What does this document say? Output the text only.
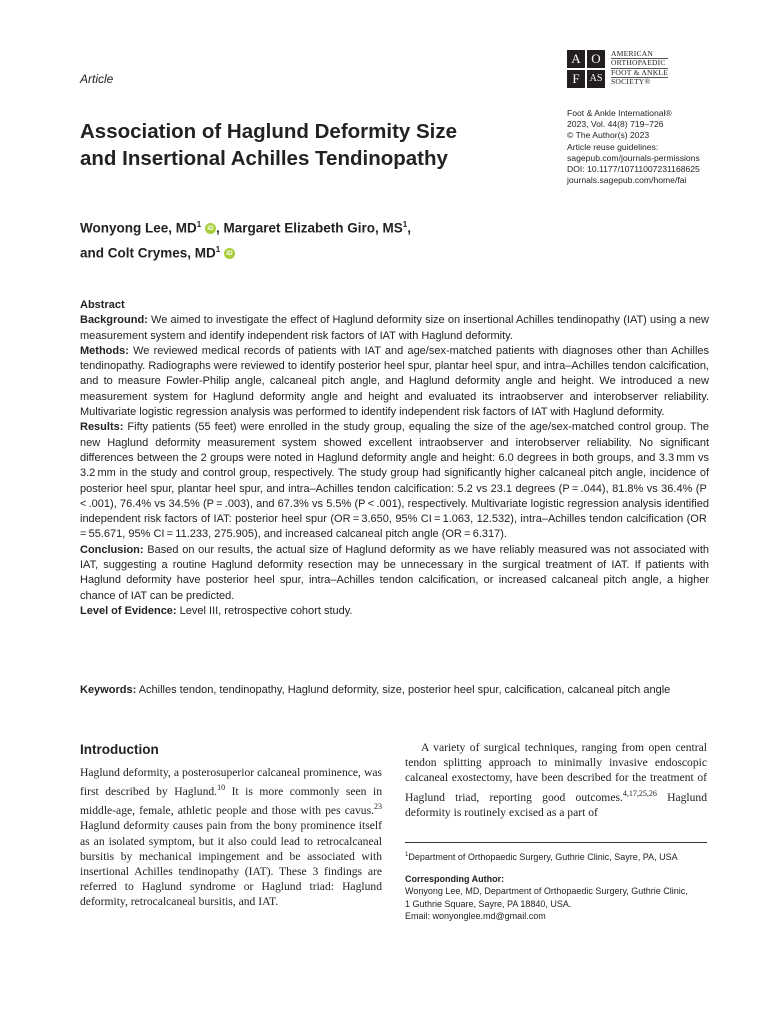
Article
A O
F AS
AMERICAN
ORTHOPAEDIC
FOOT & ANKLE
SOCIETY®
Foot & Ankle International®
2023, Vol. 44(8) 719–726
© The Author(s) 2023
Article reuse guidelines:
sagepub.com/journals-permissions
DOI: 10.1177/10711007231168625
journals.sagepub.com/home/fai
Association of Haglund Deformity Size
and Insertional Achilles Tendinopathy
Wonyong Lee, $MD^1$ iD , Margaret Elizabeth Giro, $MS^1$,
and Colt Crymes, $MD^1$ iD
Abstract
Background: We aimed to investigate the effect of Haglund deformity size on insertional Achilles tendinopathy (IAT) using a new measurement system and identify independent risk factors of IAT with Haglund deformity.
Methods: We reviewed medical records of patients with IAT and age/sex-matched patients with diagnoses other than Achilles tendinopathy. Radiographs were reviewed to identify posterior heel spur, plantar heel spur, and intra–Achilles tendon calcification, and to measure Fowler-Philip angle, calcaneal pitch angle, and Haglund deformity angle and height. We introduced a new measurement system for Haglund deformity angle and height and evaluated its intraobserver and interobserver reliability. Multivariate logistic regression analysis was performed to identify independent risk factors of IAT with Haglund deformity.
Results: Fifty patients (55 feet) were enrolled in the study group, equaling the size of the age/sex-matched control group. The new Haglund deformity measurement system showed excellent intraobserver and interobserver reliability. No significant differences between the 2 groups were noted in Haglund deformity angle and height: 6.0 degrees in both groups, and 3.3 mm vs 3.2 mm in the study and control group, respectively. The study group had significantly higher calcaneal pitch angle, incidence of posterior heel spur, plantar heel spur, and intra–Achilles tendon calcification: 5.2 vs 23.1 degrees (P = .044), 81.8% vs 36.4% (P < .001), 76.4% vs 34.5% (P = .003), and 67.3% vs 5.5% (P < .001), respectively. Multivariate logistic regression analysis identified independent risk factors of IAT: posterior heel spur (OR = 3.650, 95% CI = 1.063, 12.532), intra–Achilles tendon calcification (OR = 55.671, 95% CI = 11.233, 275.905), and increased calcaneal pitch angle (OR = 6.317).
Conclusion: Based on our results, the actual size of Haglund deformity as we have reliably measured was not associated with IAT, suggesting a routine Haglund deformity resection may be unnecessary in the surgical treatment of IAT. If patients with Haglund deformity have posterior heel spur, intra–Achilles tendon calcification, or increased calcaneal pitch angle, a higher chance of IAT can be predicted.
Level of Evidence: Level III, retrospective cohort study.
Keywords: Achilles tendon, tendinopathy, Haglund deformity, size, posterior heel spur, calcification, calcaneal pitch angle
Introduction
Haglund deformity, a posterosuperior calcaneal prominence, was first described by Haglund.$^{10}$ It is more commonly seen in middle-age, female, athletic people and those with pes cavus.$^{23}$ Haglund deformity causes pain from the bony prominence itself as an isolated symptom, but it also could lead to retrocalcaneal bursitis by mechanical impingement and be associated with insertional Achilles tendinopathy (IAT). These 3 findings are referred to Haglund syndrome or Haglund triad: Haglund deformity, retrocalcaneal bursitis, and IAT.
A variety of surgical techniques, ranging from open central tendon splitting approach to minimally invasive endoscopic calcaneal exostectomy, have been described for the treatment of Haglund triad, reporting good outcomes.$^{4,17,25,26}$ Haglund deformity is routinely excised as a part of
$^1$Department of Orthopaedic Surgery, Guthrie Clinic, Sayre, PA, USA
Corresponding Author:
Wonyong Lee, MD, Department of Orthopaedic Surgery, Guthrie Clinic,
1 Guthrie Square, Sayre, PA 18840, USA.
Email: wonyonglee.md@gmail.com
